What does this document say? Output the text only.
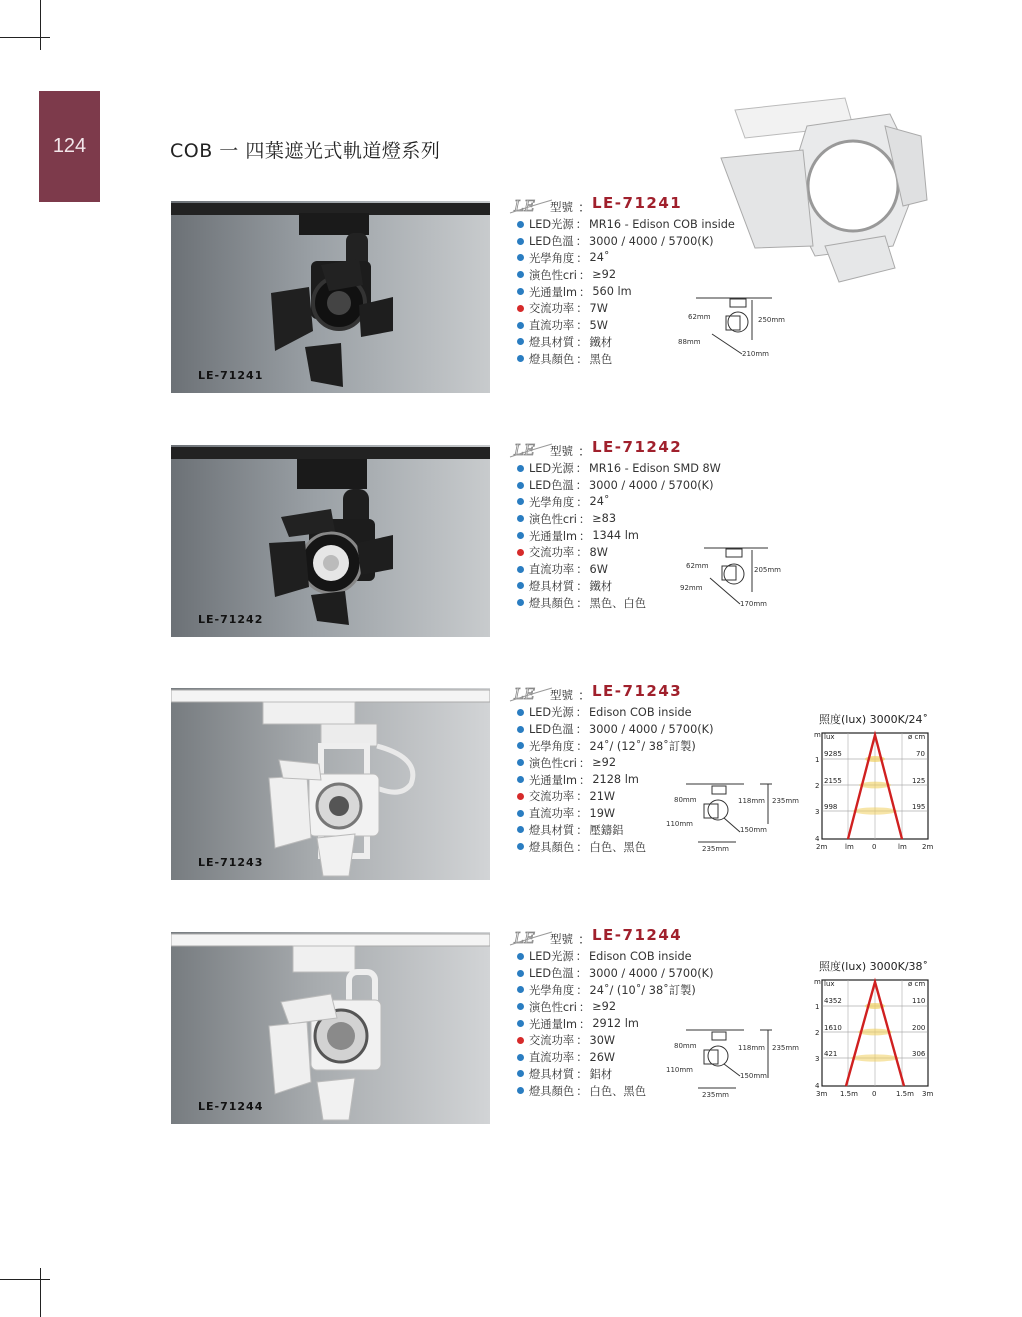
124	COB 一 四葉遮光式軌道燈系列
LE-71241
LE 型號 ： LE-71241
LED光源 ： MR16 - Edison COB inside
LED色溫 ： 3000 / 4000 / 5700(K)
光學角度 ： 24˚
演色性cri ： ≥92
光通量lm ： 560 lm
交流功率 ： 7W
直流功率 ： 5W
燈具材質 ： 鐵材
燈具顏色 ： 黑色
62mm
88mm
250mm
210mm
LE-71242
LE 型號 ： LE-71242
LED光源 ： MR16 - Edison SMD 8W
LED色溫 ： 3000 / 4000 / 5700(K)
光學角度 ： 24˚
演色性cri ： ≥83
光通量lm ： 1344 lm
交流功率 ： 8W
直流功率 ： 6W
燈具材質 ： 鐵材
燈具顏色 ： 黑色、白色
62mm
92mm
205mm
170mm
LE-71243
LE 型號 ： LE-71243
LED光源 ： Edison COB inside
LED色溫 ： 3000 / 4000 / 5700(K)
光學角度 ： 24˚/ (12˚/ 38˚訂製)
演色性cri ： ≥92
光通量lm ： 2128 lm
交流功率 ： 21W
直流功率 ： 19W
燈具材質 ： 壓鑄鋁
燈具顏色 ： 白色、黑色
80mm
110mm
118mm 235mm
150mm
235mm
照度(lux) 3000K/24˚
m lux	ø cm
9285	70
2155	125
998	195
1
2
3
4
2m	lm	0	lm 2m
LE-71244
LE 型號 ： LE-71244
LED光源 ： Edison COB inside
LED色溫 ： 3000 / 4000 / 5700(K)
光學角度 ： 24˚/ (10˚/ 38˚訂製)
演色性cri ： ≥92
光通量lm ： 2912 lm
交流功率 ： 30W
直流功率 ： 26W
燈具材質 ： 鋁材
燈具顏色 ： 白色、黑色
80mm
110mm
118mm 235mm
150mm
235mm
照度(lux) 3000K/38˚
m lux	ø cm
4352	110
1610	200
421	306
1
2
3
4
3m 1.5m 0	1.5m 3m
